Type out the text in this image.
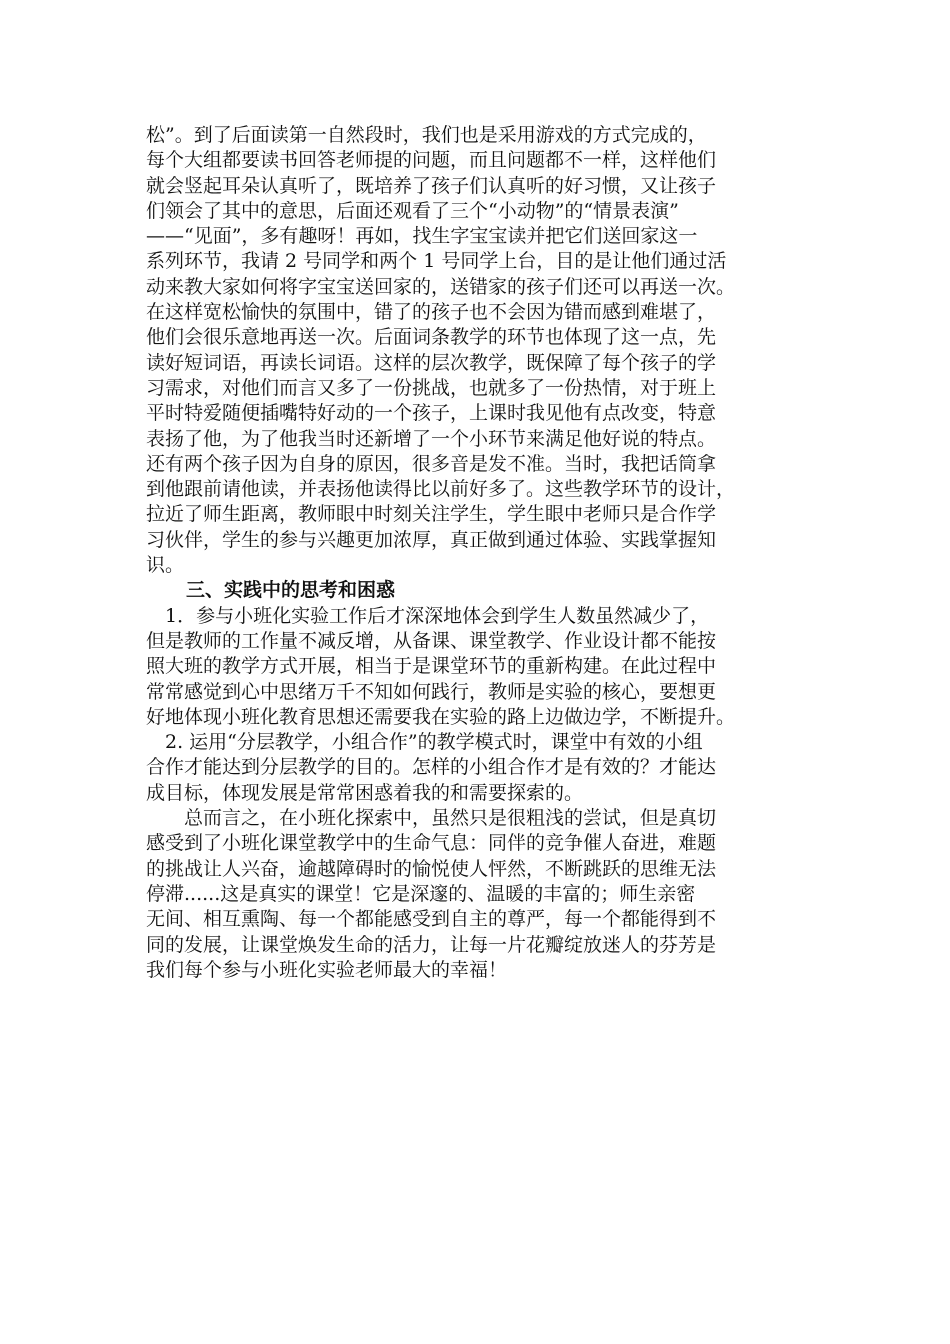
松”。到了后面读第一自然段时，我们也是采用游戏的方式完成的，
每个大组都要读书回答老师提的问题，而且问题都不一样，这样他们
就会竖起耳朵认真听了，既培养了孩子们认真听的好习惯，又让孩子
们领会了其中的意思，后面还观看了三个“小动物”的“情景表演”
——“见面”，多有趣呀！再如，找生字宝宝读并把它们送回家这一
系列环节，我请 2 号同学和两个 1 号同学上台，目的是让他们通过活
动来教大家如何将字宝宝送回家的，送错家的孩子们还可以再送一次。
在这样宽松愉快的氛围中，错了的孩子也不会因为错而感到难堪了，
他们会很乐意地再送一次。后面词条教学的环节也体现了这一点，先
读好短词语，再读长词语。这样的层次教学，既保障了每个孩子的学
习需求，对他们而言又多了一份挑战，也就多了一份热情，对于班上
平时特爱随便插嘴特好动的一个孩子，上课时我见他有点改变，特意
表扬了他，为了他我当时还新增了一个小环节来满足他好说的特点。
还有两个孩子因为自身的原因，很多音是发不准。当时，我把话筒拿
到他跟前请他读，并表扬他读得比以前好多了。这些教学环节的设计，
拉近了师生距离，教师眼中时刻关注学生，学生眼中老师只是合作学
习伙伴，学生的参与兴趣更加浓厚，真正做到通过体验、实践掌握知
识。
三、实践中的思考和困惑
　1．参与小班化实验工作后才深深地体会到学生人数虽然减少了，
但是教师的工作量不减反增，从备课、课堂教学、作业设计都不能按
照大班的教学方式开展，相当于是课堂环节的重新构建。在此过程中
常常感觉到心中思绪万千不知如何践行，教师是实验的核心，要想更
好地体现小班化教育思想还需要我在实验的路上边做边学，不断提升。
　2. 运用“分层教学，小组合作”的教学模式时，课堂中有效的小组
合作才能达到分层教学的目的。怎样的小组合作才是有效的？才能达
成目标，体现发展是常常困惑着我的和需要探索的。
　　总而言之，在小班化探索中，虽然只是很粗浅的尝试，但是真切
感受到了小班化课堂教学中的生命气息：同伴的竞争催人奋进，难题
的挑战让人兴奋，逾越障碍时的愉悦使人怦然，不断跳跃的思维无法
停滞......这是真实的课堂！它是深邃的、温暖的丰富的；师生亲密
无间、相互熏陶、每一个都能感受到自主的尊严，每一个都能得到不
同的发展，让课堂焕发生命的活力，让每一片花瓣绽放迷人的芬芳是
我们每个参与小班化实验老师最大的幸福！
